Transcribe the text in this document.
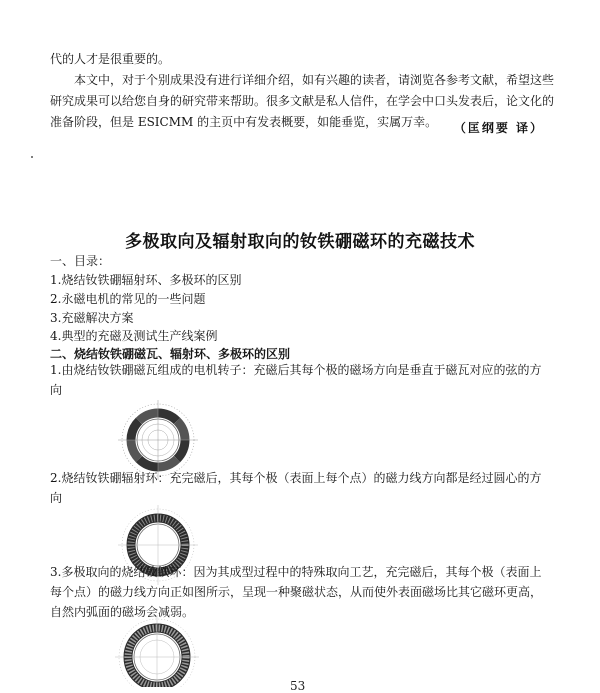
代的人才是很重要的。
本文中，对于个别成果没有进行详细介绍，如有兴趣的读者，请浏览各参考文献，希望这些研究成果可以给您自身的研究带来帮助。很多文献是私人信件，在学会中口头发表后，论文化的准备阶段，但是 ESICMM 的主页中有发表概要，如能垂览，实属万幸。	（匡纲要 译）
多极取向及辐射取向的钕铁硼磁环的充磁技术
一、目录：
1.烧结钕铁硼辐射环、多极环的区别
2.永磁电机的常见的一些问题
3.充磁解决方案
4.典型的充磁及测试生产线案例
二、烧结钕铁硼磁瓦、辐射环、多极环的区别
1.由烧结钕铁硼磁瓦组成的电机转子：充磁后其每个极的磁场方向是垂直于磁瓦对应的弦的方向
2.烧结钕铁硼辐射环：充完磁后，其每个极（表面上每个点）的磁力线方向都是经过圆心的方向
3.多极取向的烧结钕铁环：因为其成型过程中的特殊取向工艺，充完磁后，其每个极（表面上每个点）的磁力线方向正如图所示，呈现一种聚磁状态，从而使外表面磁场比其它磁环更高，自然内弧面的磁场会减弱。
53
